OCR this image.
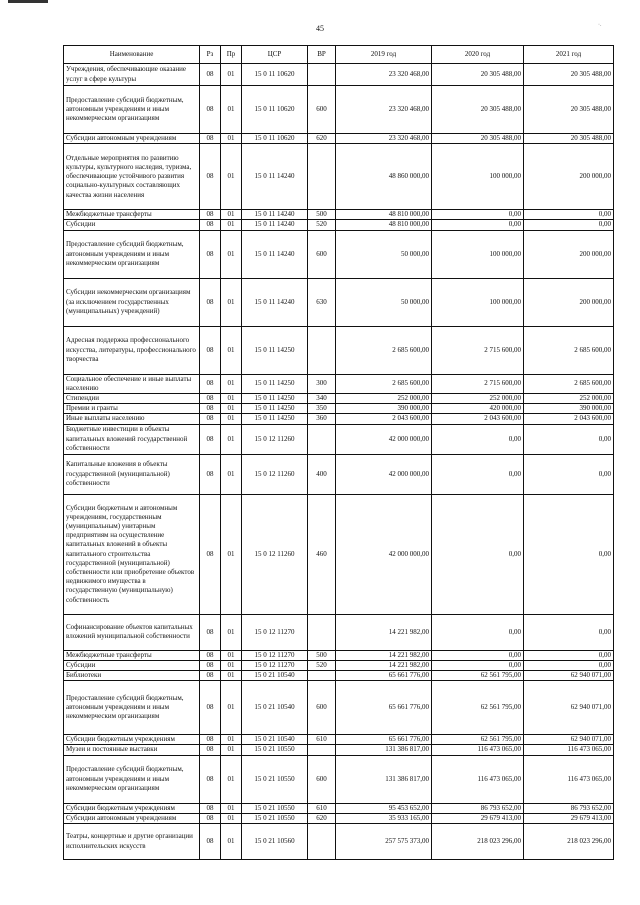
45	·.
Наименование	Рз	Пр	ЦСР	ВР	2019 год	2020 год	2021 год
Учреждения, обеспечивающие оказание услуг в сфере культуры	08	01	15 0 11 10620		23 320 468,00	20 305 488,00	20 305 488,00
Предоставление субсидий бюджетным, автономным учреждениям и иным некоммерческим организациям	08	01	15 0 11 10620	600	23 320 468,00	20 305 488,00	20 305 488,00
Субсидии автономным учреждениям	08	01	15 0 11 10620	620	23 320 468,00	20 305 488,00	20 305 488,00
Отдельные мероприятия по развитию культуры, культурного наследия, туризма, обеспечивающие устойчивого развития социально-культурных составляющих качества жизни населения	08	01	15 0 11 14240		48 860 000,00	100 000,00	200 000,00
Межбюджетные трансферты	08	01	15 0 11 14240	500	48 810 000,00	0,00	0,00
Субсидии	08	01	15 0 11 14240	520	48 810 000,00	0,00	0,00
Предоставление субсидий бюджетным, автономным учреждениям и иным некоммерческим организациям	08	01	15 0 11 14240	600	50 000,00	100 000,00	200 000,00
Субсидии некоммерческим организациям (за исключением государственных (муниципальных) учреждений)	08	01	15 0 11 14240	630	50 000,00	100 000,00	200 000,00
Адресная поддержка профессионального искусства, литературы, профессионального творчества	08	01	15 0 11 14250		2 685 600,00	2 715 600,00	2 685 600,00
Социальное обеспечение и иные выплаты населению	08	01	15 0 11 14250	300	2 685 600,00	2 715 600,00	2 685 600,00
Стипендии	08	01	15 0 11 14250	340	252 000,00	252 000,00	252 000,00
Премии и гранты	08	01	15 0 11 14250	350	390 000,00	420 000,00	390 000,00
Иные выплаты населению	08	01	15 0 11 14250	360	2 043 600,00	2 043 600,00	2 043 600,00
Бюджетные инвестиции в объекты капитальных вложений государственной собственности	08	01	15 0 12 11260		42 000 000,00	0,00	0,00
Капитальные вложения в объекты государственной (муниципальной) собственности	08	01	15 0 12 11260	400	42 000 000,00	0,00	0,00
Субсидии бюджетным и автономным учреждениям, государственным (муниципальным) унитарным предприятиям на осуществление капитальных вложений в объекты капитального строительства государственной (муниципальной) собственности или приобретение объектов недвижимого имущества в государственную (муниципальную) собственность	08	01	15 0 12 11260	460	42 000 000,00	0,00	0,00
Софинансирование объектов капитальных вложений муниципальной собственности	08	01	15 0 12 11270		14 221 982,00	0,00	0,00
Межбюджетные трансферты	08	01	15 0 12 11270	500	14 221 982,00	0,00	0,00
Субсидии	08	01	15 0 12 11270	520	14 221 982,00	0,00	0,00
Библиотеки	08	01	15 0 21 10540		65 661 776,00	62 561 795,00	62 940 071,00
Предоставление субсидий бюджетным, автономным учреждениям и иным некоммерческим организациям	08	01	15 0 21 10540	600	65 661 776,00	62 561 795,00	62 940 071,00
Субсидии бюджетным учреждениям	08	01	15 0 21 10540	610	65 661 776,00	62 561 795,00	62 940 071,00
Музеи и постоянные выставки	08	01	15 0 21 10550		131 386 817,00	116 473 065,00	116 473 065,00
Предоставление субсидий бюджетным, автономным учреждениям и иным некоммерческим организациям	08	01	15 0 21 10550	600	131 386 817,00	116 473 065,00	116 473 065,00
Субсидии бюджетным учреждениям	08	01	15 0 21 10550	610	95 453 652,00	86 793 652,00	86 793 652,00
Субсидии автономным учреждениям	08	01	15 0 21 10550	620	35 933 165,00	29 679 413,00	29 679 413,00
Театры, концертные и другие организации исполнительских искусств	08	01	15 0 21 10560		257 575 373,00	218 023 296,00	218 023 296,00
